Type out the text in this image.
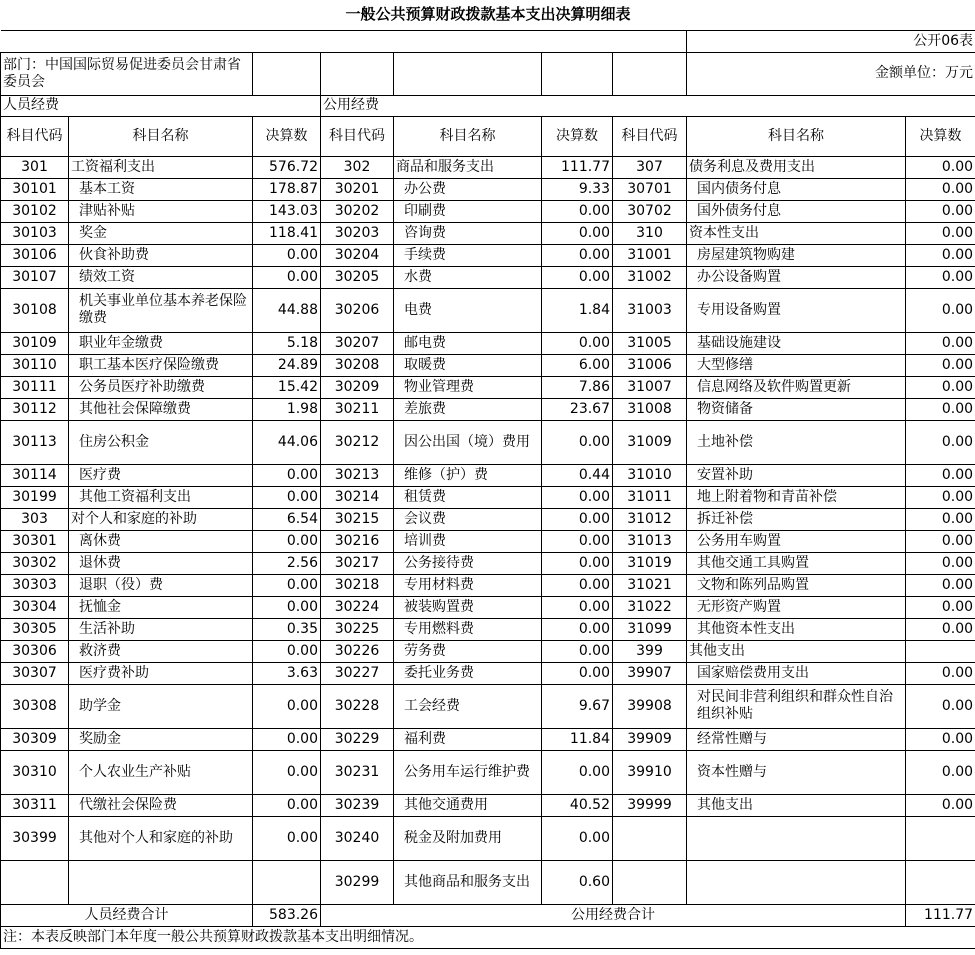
一般公共预算财政拨款基本支出决算明细表								
							公开06表	
部门：中国国际贸易促进委员会甘肃省委员会							金额单位：万元	
人员经费			公用经费					
科目代码	科目名称	决算数	科目代码	科目名称	决算数	科目代码	科目名称	决算数
301	工资福利支出	576.72	302	商品和服务支出	111.77	307	债务利息及费用支出	0.00
30101	基本工资	178.87	30201	办公费	9.33	30701	国内债务付息	0.00
30102	津贴补贴	143.03	30202	印刷费	0.00	30702	国外债务付息	0.00
30103	奖金	118.41	30203	咨询费	0.00	310	资本性支出	0.00
30106	伙食补助费	0.00	30204	手续费	0.00	31001	房屋建筑物购建	0.00
30107	绩效工资	0.00	30205	水费	0.00	31002	办公设备购置	0.00
30108	机关事业单位基本养老保险缴费	44.88	30206	电费	1.84	31003	专用设备购置	0.00
30109	职业年金缴费	5.18	30207	邮电费	0.00	31005	基础设施建设	0.00
30110	职工基本医疗保险缴费	24.89	30208	取暖费	6.00	31006	大型修缮	0.00
30111	公务员医疗补助缴费	15.42	30209	物业管理费	7.86	31007	信息网络及软件购置更新	0.00
30112	其他社会保障缴费	1.98	30211	差旅费	23.67	31008	物资储备	0.00
30113	住房公积金	44.06	30212	因公出国（境）费用	0.00	31009	土地补偿	0.00
30114	医疗费	0.00	30213	维修（护）费	0.44	31010	安置补助	0.00
30199	其他工资福利支出	0.00	30214	租赁费	0.00	31011	地上附着物和青苗补偿	0.00
303	对个人和家庭的补助	6.54	30215	会议费	0.00	31012	拆迁补偿	0.00
30301	离休费	0.00	30216	培训费	0.00	31013	公务用车购置	0.00
30302	退休费	2.56	30217	公务接待费	0.00	31019	其他交通工具购置	0.00
30303	退职（役）费	0.00	30218	专用材料费	0.00	31021	文物和陈列品购置	0.00
30304	抚恤金	0.00	30224	被装购置费	0.00	31022	无形资产购置	0.00
30305	生活补助	0.35	30225	专用燃料费	0.00	31099	其他资本性支出	0.00
30306	救济费	0.00	30226	劳务费	0.00	399	其他支出	
30307	医疗费补助	3.63	30227	委托业务费	0.00	39907	国家赔偿费用支出	0.00
30308	助学金	0.00	30228	工会经费	9.67	39908	对民间非营利组织和群众性自治组织补贴	0.00
30309	奖励金	0.00	30229	福利费	11.84	39909	经常性赠与	0.00
30310	个人农业生产补贴	0.00	30231	公务用车运行维护费	0.00	39910	资本性赠与	0.00
30311	代缴社会保险费	0.00	30239	其他交通费用	40.52	39999	其他支出	0.00
30399	其他对个人和家庭的补助	0.00	30240	税金及附加费用	0.00			
			30299	其他商品和服务支出	0.60			
人员经费合计		583.26	公用经费合计					111.77
注：本表反映部门本年度一般公共预算财政拨款基本支出明细情况。								
